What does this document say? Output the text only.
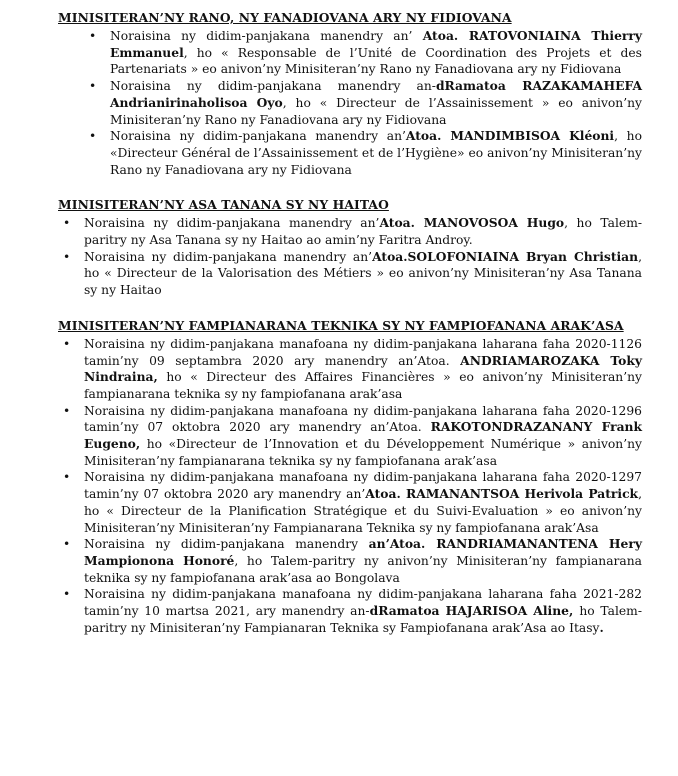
MINISITERAN’NY RANO, NY FANADIOVANA ARY NY FIDIOVANA
• Noraisina ny didim-panjakana manendry an’ Atoa. RATOVONIAINA Thierry Emmanuel, ho « Responsable de l’Unité de Coordination des Projets et des Partenariats » eo anivon’ny Minisiteran’ny Rano ny Fanadiovana ary ny Fidiovana
• Noraisina ny didim-panjakana manendry an-dRamatoa RAZAKAMAHEFA Andrianirinaholisoa Oyo, ho « Directeur de l’Assainissement » eo anivon’ny Minisiteran’ny Rano ny Fanadiovana ary ny Fidiovana
• Noraisina ny didim-panjakana manendry an’Atoa. MANDIMBISOA Kléoni, ho «Directeur Général de l’Assainissement et de l’Hygiène» eo anivon’ny Minisiteran’ny Rano ny Fanadiovana ary ny Fidiovana
MINISITERAN’NY ASA TANANA SY NY HAITAO
• Noraisina ny didim-panjakana manendry an’Atoa. MANOVOSOA Hugo, ho Talem-paritry ny Asa Tanana sy ny Haitao ao amin’ny Faritra Androy.
• Noraisina ny didim-panjakana manendry an’Atoa.SOLOFONIAINA Bryan Christian, ho « Directeur de la Valorisation des Métiers » eo anivon’ny Minisiteran’ny Asa Tanana sy ny Haitao
MINISITERAN’NY FAMPIANARANA TEKNIKA SY NY FAMPIOFANANA ARAK’ASA
• Noraisina ny didim-panjakana manafoana ny didim-panjakana laharana faha 2020-1126 tamin’ny 09 septambra 2020 ary manendry an’Atoa. ANDRIAMAROZAKA Toky Nindraina, ho « Directeur des Affaires Financières » eo anivon’ny Minisiteran’ny fampianarana teknika sy ny fampiofanana arak’asa
• Noraisina ny didim-panjakana manafoana ny didim-panjakana laharana faha 2020-1296 tamin’ny 07 oktobra 2020 ary manendry an’Atoa. RAKOTONDRAZANANY Frank Eugeno, ho «Directeur de l’Innovation et du Développement Numérique » anivon’ny Minisiteran’ny fampianarana teknika sy ny fampiofanana arak’asa
• Noraisina ny didim-panjakana manafoana ny didim-panjakana laharana faha 2020-1297 tamin’ny 07 oktobra 2020 ary manendry an’Atoa. RAMANANTSOA Herivola Patrick, ho « Directeur de la Planification Stratégique et du Suivi-Evaluation » eo anivon’ny Minisiteran’ny Minisiteran’ny Fampianarana Teknika sy ny fampiofanana arak’Asa
• Noraisina ny didim-panjakana manendry an’Atoa. RANDRIAMANANTENA Hery Mampionona Honoré, ho Talem-paritry ny anivon’ny Minisiteran’ny fampianarana teknika sy ny fampiofanana arak’asa ao Bongolava
• Noraisina ny didim-panjakana manafoana ny didim-panjakana laharana faha 2021-282 tamin’ny 10 martsa 2021, ary manendry an-dRamatoa HAJARISOA Aline, ho Talem-paritry ny Minisiteran’ny Fampianaran Teknika sy Fampiofanana arak’Asa ao Itasy.
